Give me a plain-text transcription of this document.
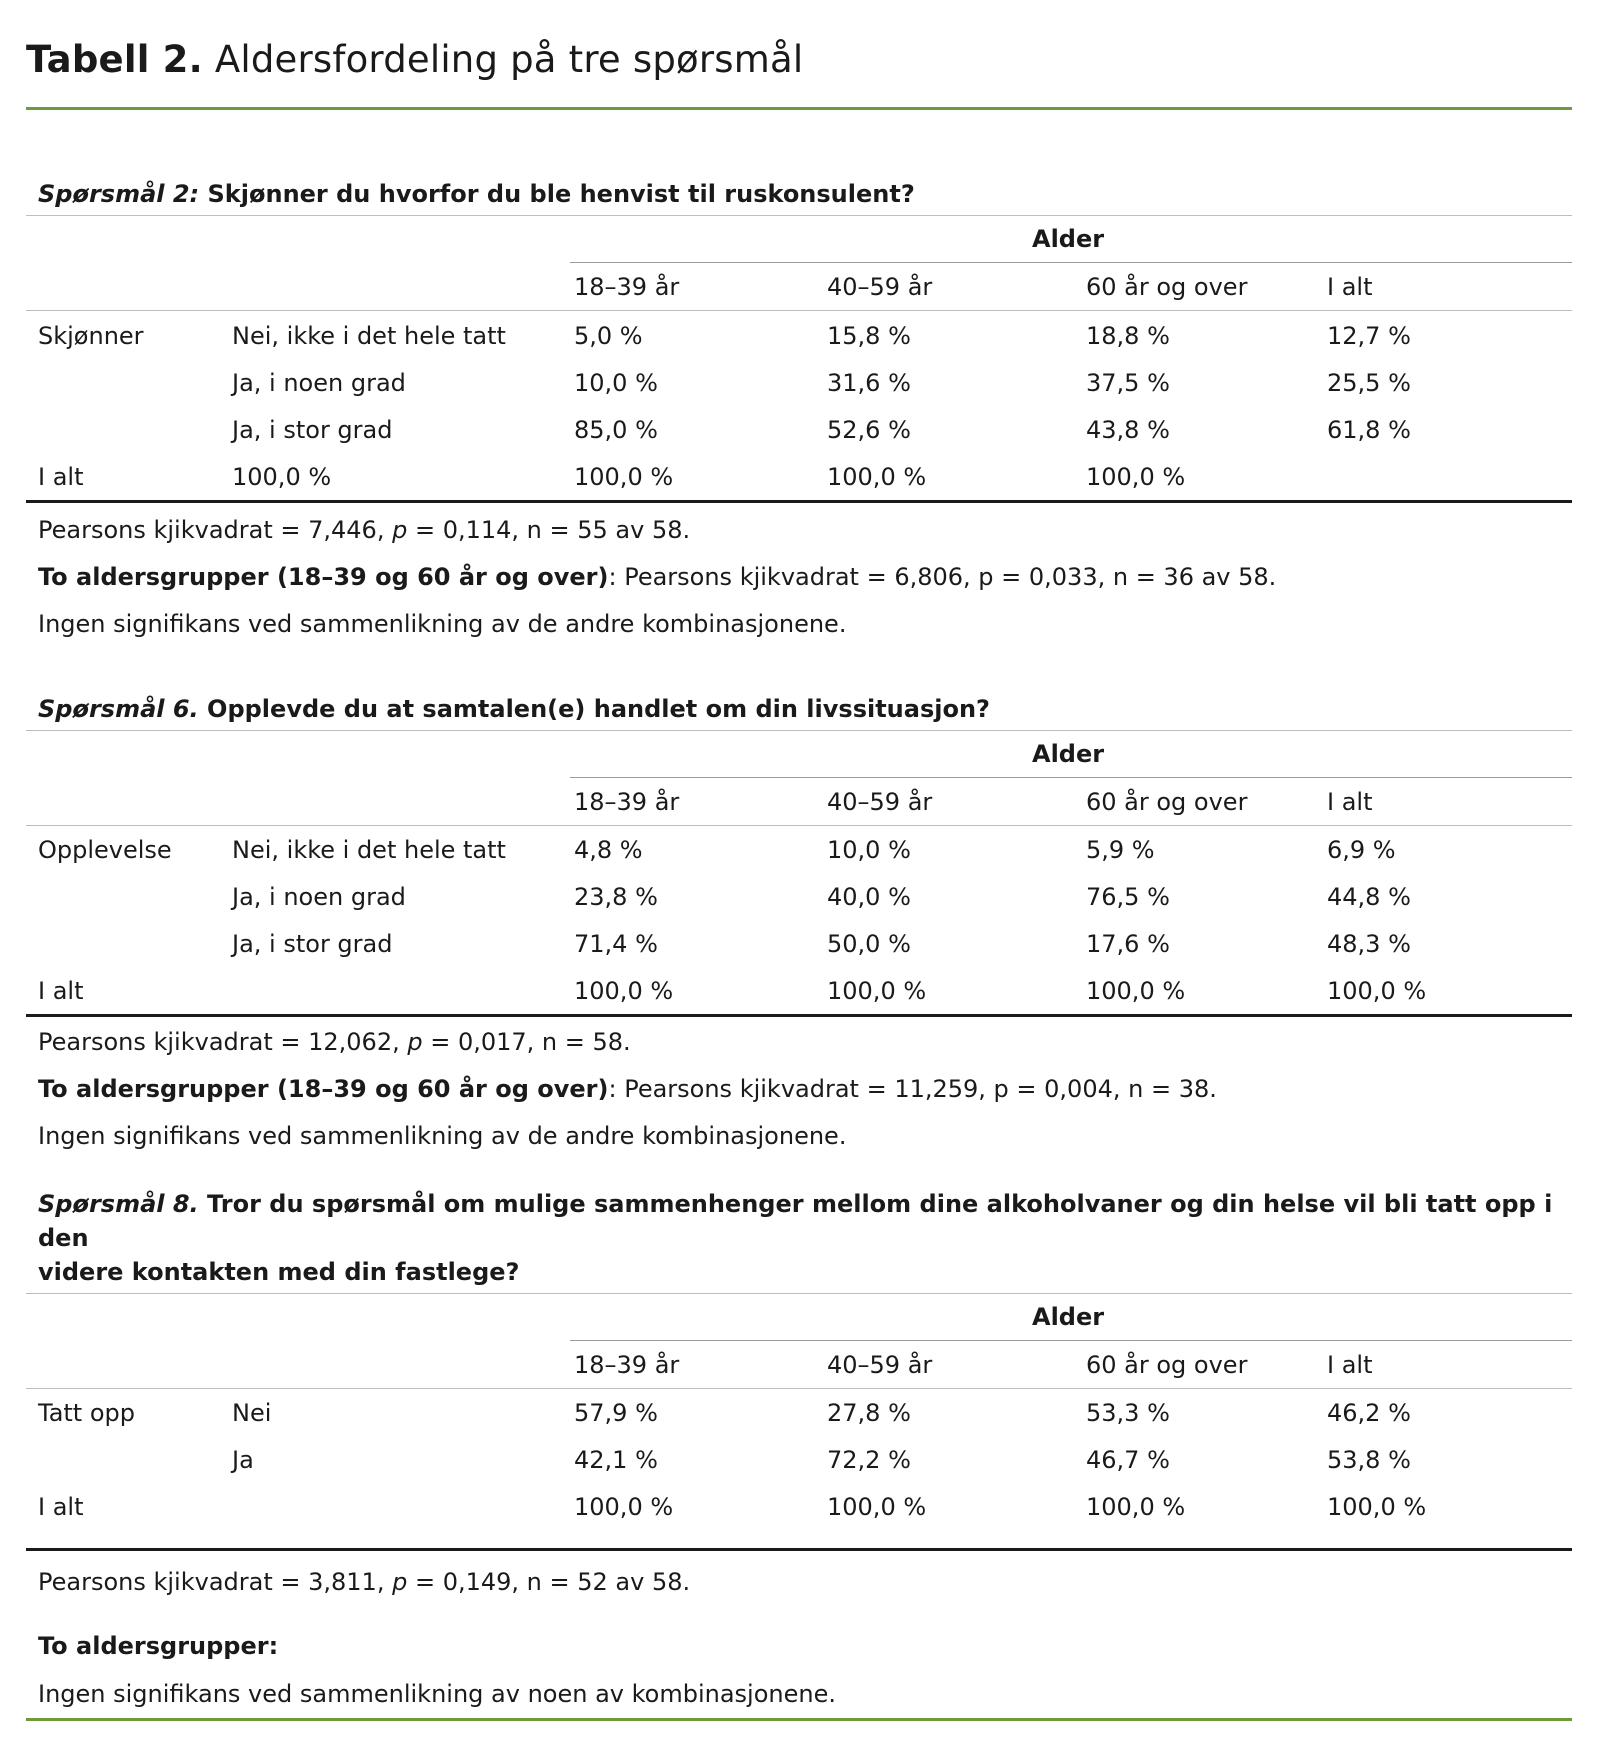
Tabell 2. Aldersfordeling på tre spørsmål
Spørsmål 2: Skjønner du hvorfor du ble henvist til ruskonsulent?
Alder
18–39 år	40–59 år	60 år og over	I alt
Skjønner	Nei, ikke i det hele tatt	5,0 %	15,8 %	18,8 %	12,7 %
Ja, i noen grad	10,0 %	31,6 %	37,5 %	25,5 %
Ja, i stor grad	85,0 %	52,6 %	43,8 %	61,8 %
I alt	100,0 %	100,0 %	100,0 %	100,0 %
Pearsons kjikvadrat = 7,446, p = 0,114, n = 55 av 58.
To aldersgrupper (18–39 og 60 år og over): Pearsons kjikvadrat = 6,806, p = 0,033, n = 36 av 58.
Ingen signifikans ved sammenlikning av de andre kombinasjonene.
Spørsmål 6. Opplevde du at samtalen(e) handlet om din livssituasjon?
Alder
18–39 år	40–59 år	60 år og over	I alt
Opplevelse	Nei, ikke i det hele tatt	4,8 %	10,0 %	5,9 %	6,9 %
Ja, i noen grad	23,8 %	40,0 %	76,5 %	44,8 %
Ja, i stor grad	71,4 %	50,0 %	17,6 %	48,3 %
I alt	100,0 %	100,0 %	100,0 %	100,0 %
Pearsons kjikvadrat = 12,062, p = 0,017, n = 58.
To aldersgrupper (18–39 og 60 år og over): Pearsons kjikvadrat = 11,259, p = 0,004, n = 38.
Ingen signifikans ved sammenlikning av de andre kombinasjonene.
Spørsmål 8. Tror du spørsmål om mulige sammenhenger mellom dine alkoholvaner og din helse vil bli tatt opp i den
videre kontakten med din fastlege?
Alder
18–39 år	40–59 år	60 år og over	I alt
Tatt opp	Nei	57,9 %	27,8 %	53,3 %	46,2 %
Ja	42,1 %	72,2 %	46,7 %	53,8 %
I alt	100,0 %	100,0 %	100,0 %	100,0 %
Pearsons kjikvadrat = 3,811, p = 0,149, n = 52 av 58.
To aldersgrupper:
Ingen signifikans ved sammenlikning av noen av kombinasjonene.
